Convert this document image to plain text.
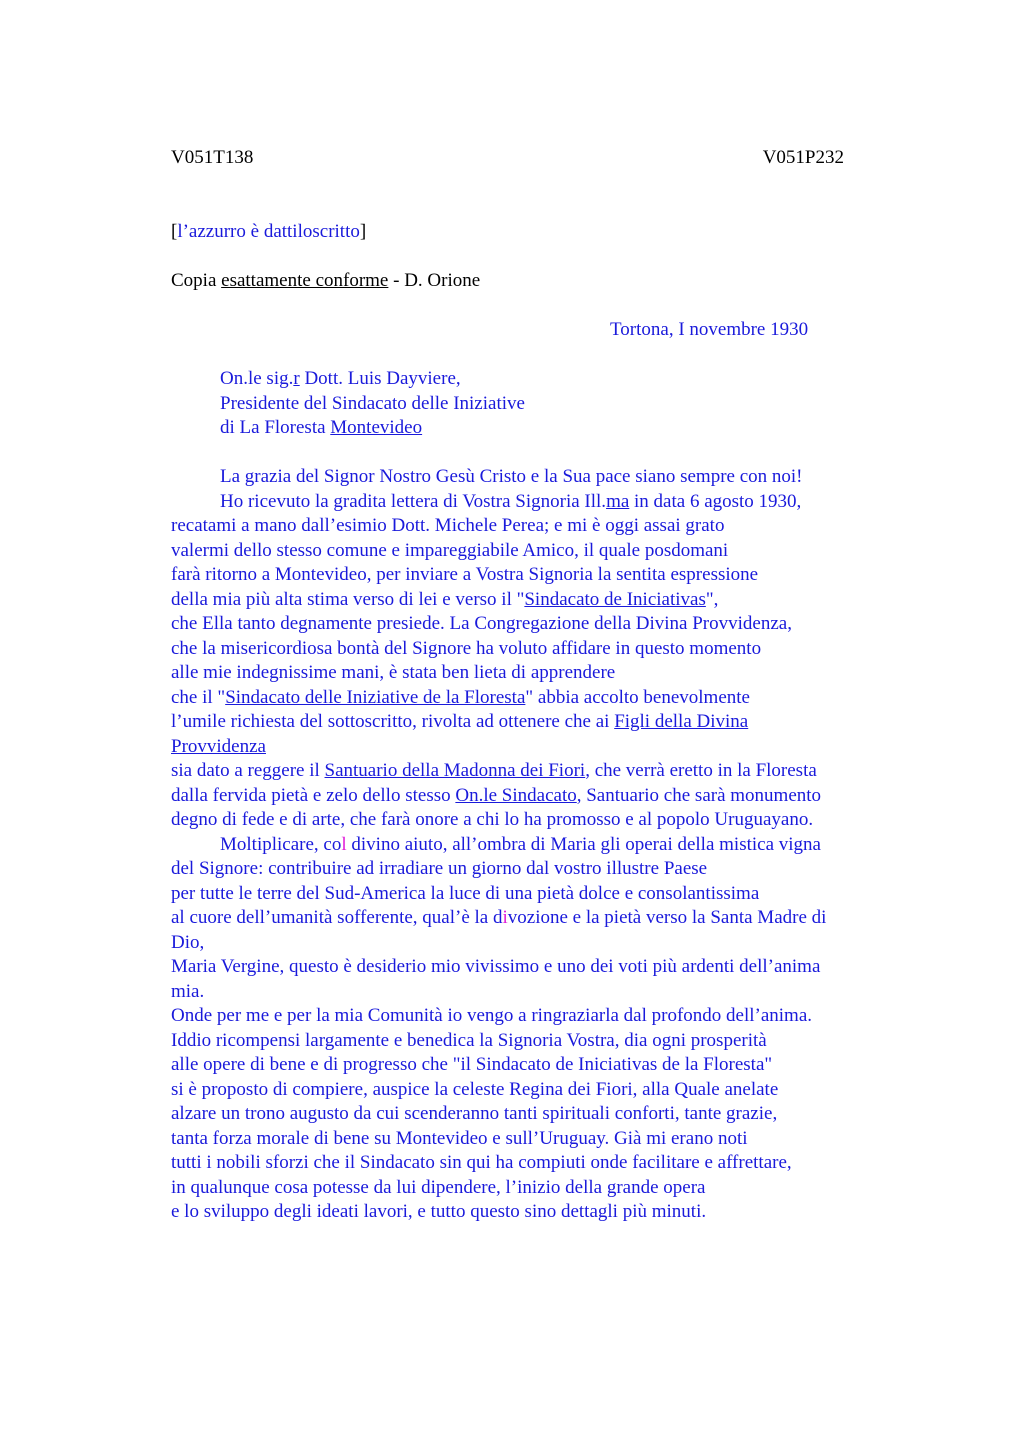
V051T138	V051P232
[l’azzurro è dattiloscritto]
Copia esattamente conforme - D. Orione
Tortona, I novembre 1930
On.le sig.r Dott. Luis Dayviere,
Presidente del Sindacato delle Iniziative
di La Floresta Montevideo
La grazia del Signor Nostro Gesù Cristo e la Sua pace siano sempre con noi!
Ho ricevuto la gradita lettera di Vostra Signoria Ill.ma in data 6 agosto 1930,
recatami a mano dall’esimio Dott. Michele Perea; e mi è oggi assai grato
valermi dello stesso comune e impareggiabile Amico, il quale posdomani
farà ritorno a Montevideo, per inviare a Vostra Signoria la sentita espressione
della mia più alta stima verso di lei e verso il "Sindacato de Iniciativas",
che Ella tanto degnamente presiede. La Congregazione della Divina Provvidenza,
che la misericordiosa bontà del Signore ha voluto affidare in questo momento
alle mie indegnissime mani, è stata ben lieta di apprendere
che il "Sindacato delle Iniziative de la Floresta" abbia accolto benevolmente
l’umile richiesta del sottoscritto, rivolta ad ottenere che ai Figli della Divina
Provvidenza
sia dato a reggere il Santuario della Madonna dei Fiori, che verrà eretto in la Floresta
dalla fervida pietà e zelo dello stesso On.le Sindacato, Santuario che sarà monumento
degno di fede e di arte, che farà onore a chi lo ha promosso e al popolo Uruguayano.
Moltiplicare, col divino aiuto, all’ombra di Maria gli operai della mistica vigna
del Signore: contribuire ad irradiare un giorno dal vostro illustre Paese
per tutte le terre del Sud-America la luce di una pietà dolce e consolantissima
al cuore dell’umanità sofferente, qual’è la divozione e la pietà verso la Santa Madre di
Dio,
Maria Vergine, questo è desiderio mio vivissimo e uno dei voti più ardenti dell’anima
mia.
Onde per me e per la mia Comunità io vengo a ringraziarla dal profondo dell’anima.
Iddio ricompensi largamente e benedica la Signoria Vostra, dia ogni prosperità
alle opere di bene e di progresso che "il Sindacato de Iniciativas de la Floresta"
si è proposto di compiere, auspice la celeste Regina dei Fiori, alla Quale anelate
alzare un trono augusto da cui scenderanno tanti spirituali conforti, tante grazie,
tanta forza morale di bene su Montevideo e sull’Uruguay. Già mi erano noti
tutti i nobili sforzi che il Sindacato sin qui ha compiuti onde facilitare e affrettare,
in qualunque cosa potesse da lui dipendere, l’inizio della grande opera
e lo sviluppo degli ideati lavori, e tutto questo sino dettagli più minuti.
